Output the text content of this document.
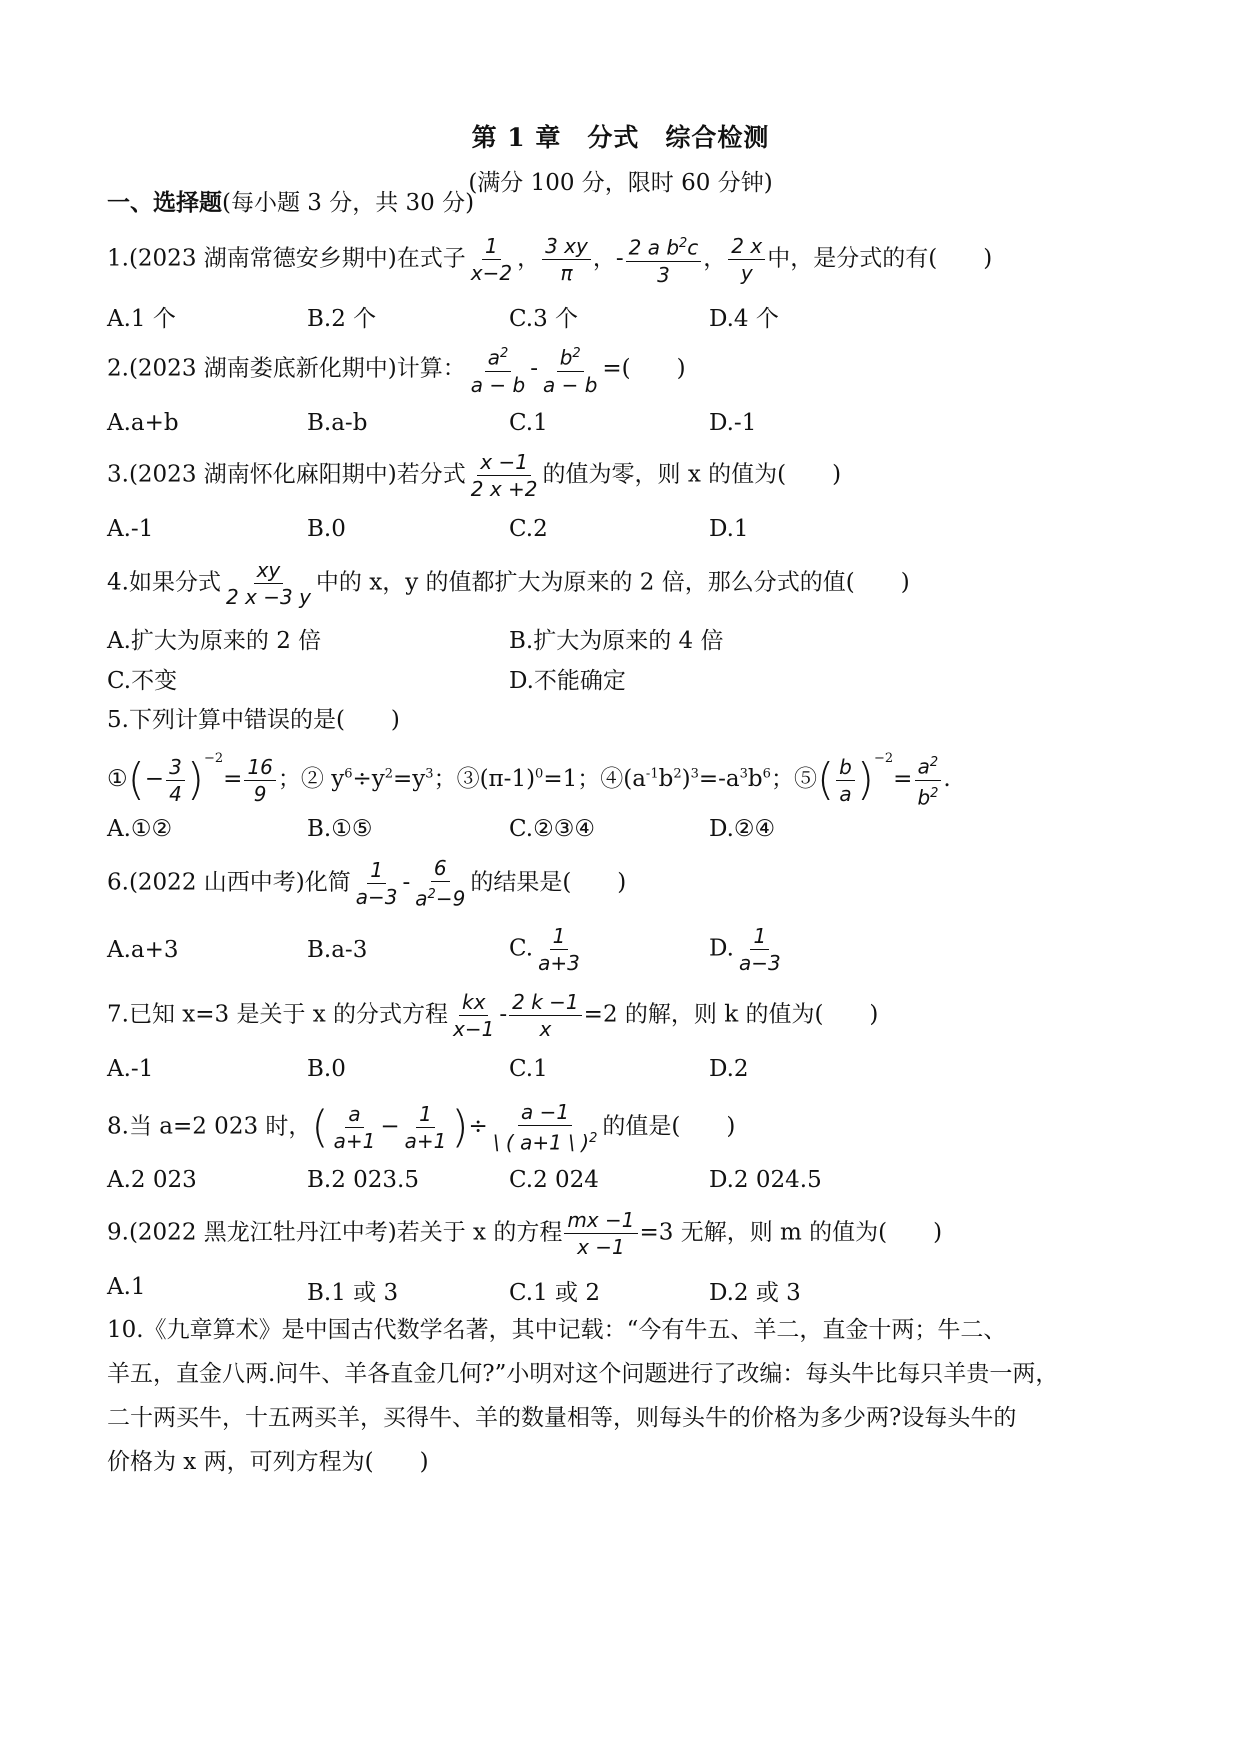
第 1 章　分式　综合检测
(满分 100 分，限时 60 分钟)
一、选择题(每小题 3 分，共 30 分)
1.(2023 湖南常德安乡期中)在式子 $\frac{1}{x-2}$ ， $\frac{3 xy}{\pi}$ ，- $\frac{2 a b^2c}{3}$ ， $\frac{2 x}{y}$ 中，是分式的有(　　)
A.1 个	B.2 个	C.3 个	D.4 个
2.(2023 湖南娄底新化期中)计算： $\frac{a^2}{a - b} - \frac{b^2}{a - b}$ =(　　)
A.a+b	B.a-b	C.1	D.-1
3.(2023 湖南怀化麻阳期中)若分式 $\frac{x -1}{2 x +2}$ 的值为零，则 x 的值为(　　)
A.-1	B.0	C.2	D.1
4.如果分式 $\frac{xy}{2 x -3 y}$ 中的 x，y 的值都扩大为原来的 2 倍，那么分式的值(　　)
A.扩大为原来的 2 倍	B.扩大为原来的 4 倍
C.不变	D.不能确定
5.下列计算中错误的是(　　)
①(− $\frac{3}{4} )^{-2}= \frac{16}{9}$ ；② $y^6\div y^2=y^3$；$③(\pi-1)^0=1$；$④(a^{-1}b^2)^3=-a^3b^6$；⑤( $\frac{b}{a} )^{-2}= \frac{a^2}{b^2}$ .
A.①②	B.①⑤	C.②③④	D.②④
6.(2022 山西中考)化简 $\frac{1}{a-3} - \frac{6}{a^2-9}$ 的结果是(　　)
A.a+3	B.a-3	C. $\frac{1}{a+3}$	D. $\frac{1}{a-3}$
7.已知 x=3 是关于 x 的分式方程 $\frac{kx}{x-1} - \frac{2 k -1}{x} =2$ 的解，则 k 的值为(　　)
A.-1	B.0	C.1	D.2
8.当 a=2 023 时，( $\frac{a}{a+1} - \frac{1}{a+1}$ )÷ $\frac{a -1}{\backslash ( a+1 \backslash )^2}$ 的值是(　　)
A.2 023	B.2 023.5	C.2 024	D.2 024.5
9.(2022 黑龙江牡丹江中考)若关于 x 的方程 $\frac{mx -1}{x -1} =3$ 无解，则 m 的值为(　　)
A.1	B.1 或 3	C.1 或 2	D.2 或 3
10.《九章算术》是中国古代数学名著，其中记载：“今有牛五、羊二，直金十两；牛二、
羊五，直金八两.问牛、羊各直金几何?”小明对这个问题进行了改编：每头牛比每只羊贵一两，
二十两买牛，十五两买羊，买得牛、羊的数量相等，则每头牛的价格为多少两?设每头牛的
价格为 x 两，可列方程为(　　)
